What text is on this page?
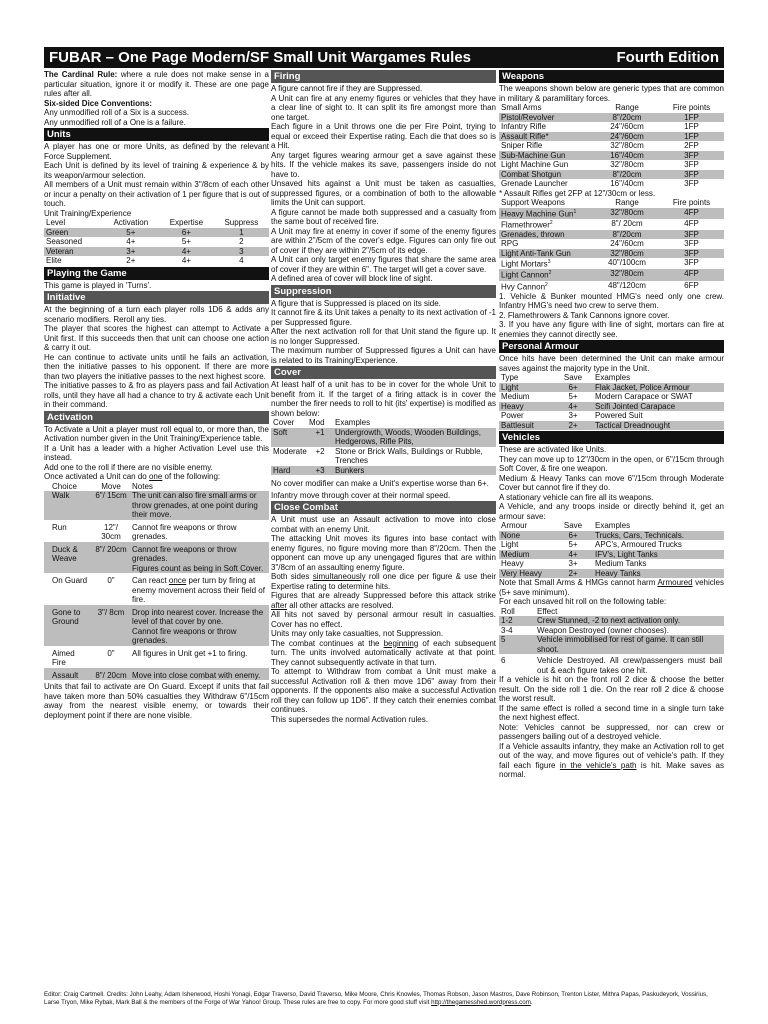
FUBAR – One Page Modern/SF Small Unit Wargames Rules	Fourth Edition

The Cardinal Rule: where a rule does not make sense in a particular situation, ignore it or modify it. These are one page rules after all.

Six-sided Dice Conventions:

Any unmodified roll of a Six is a success.

Any unmodified roll of a One is a failure.

Units

A player has one or more Units, as defined by the relevant Force Supplement.

Each Unit is defined by its level of training & experience & by its weapon/armour selection.

All members of a Unit must remain within 3"/8cm of each other or incur a penalty on their activation of 1 per figure that is out of touch.

Unit Training/Experience

Level	Activation	Expertise	Suppress
Green	5+	6+	1
Seasoned	4+	5+	2
Veteran	3+	4+	3
Elite	2+	4+	4
Playing the Game

This game is played in 'Turns'.

Initiative

At the beginning of a turn each player rolls 1D6 & adds any scenario modifiers. Reroll any ties.

The player that scores the highest can attempt to Activate a Unit first. If this succeeds then that unit can choose one action & carry it out.

He can continue to activate units until he fails an activation, then the initiative passes to his opponent. If there are more than two players the initiative passes to the next highest score.

The initiative passes to & fro as players pass and fail Activation rolls, until they have all had a chance to try & activate each Unit in their command.

Activation

To Activate a Unit a player must roll equal to, or more than, the Activation number given in the Unit Training/Experience table.

If a Unit has a leader with a higher Activation Level use this instead.

Add one to the roll if there are no visible enemy.

Once activated a Unit can do one of the following:

Choice	Move	Notes
Walk	6"/ 15cm	The unit can also fire small arms or throw grenades, at one point during their move.
Run	12"/ 30cm	Cannot fire weapons or throw grenades.
Duck & Weave	8"/ 20cm	Cannot fire weapons or throw grenades.

Figures count as being in Soft Cover.

On Guard	0"	Can react once per turn by firing at enemy movement across their field of fire.
Gone to Ground	3"/ 8cm	Drop into nearest cover. Increase the level of that cover by one.

Cannot fire weapons or throw grenades.

Aimed Fire	0"	All figures in Unit get +1 to firing.
Assault	8"/ 20cm	Move into close combat with enemy.

Units that fail to activate are On Guard. Except if units that fail have taken more than 50% casualties they Withdraw 6"/15cm away from the nearest visible enemy, or towards their deployment point if there are none visible.

Firing

A figure cannot fire if they are Suppressed.

A Unit can fire at any enemy figures or vehicles that they have a clear line of sight to. It can split its fire amongst more than one target.

Each figure in a Unit throws one die per Fire Point, trying to equal or exceed their Expertise rating. Each die that does so is a Hit.

Any target figures wearing armour get a save against these hits. If the vehicle makes its save, passengers inside do not have to.

Unsaved hits against a Unit must be taken as casualties, suppressed figures, or a combination of both to the allowable limits the Unit can support.

A figure cannot be made both suppressed and a casualty from the same bout of received fire.

A Unit may fire at enemy in cover if some of the enemy figures are within 2"/5cm of the cover's edge. Figures can only fire out of cover if they are within 2"/5cm of its edge.

A Unit can only target enemy figures that share the same area of cover if they are within 6". The target will get a cover save.

A defined area of cover will block line of sight.

Suppression

A figure that is Suppressed is placed on its side.

It cannot fire & its Unit takes a penalty to its next activation of -1 per Suppressed figure.

After the next activation roll for that Unit stand the figure up. It is no longer Suppressed.

The maximum number of Suppressed figures a Unit can have is related to its Training/Experience.

Cover

At least half of a unit has to be in cover for the whole Unit to benefit from it. If the target of a firing attack is in cover the number the firer needs to roll to hit (its' expertise) is modified as shown below:

Cover	Mod	Examples
Soft	+1	Undergrowth, Woods, Wooden Buildings, Hedgerows, Rifle Pits,
Moderate	+2	Stone or Brick Walls, Buildings or Rubble, Trenches
Hard	+3	Bunkers

No cover modifier can make a Unit's expertise worse than 6+.

Infantry move through cover at their normal speed.

Close Combat

A Unit must use an Assault activation to move into close combat with an enemy Unit.

The attacking Unit moves its figures into base contact with enemy figures, no figure moving more than 8"/20cm. Then the opponent can move up any unengaged figures that are within 3"/8cm of an assaulting enemy figure.

Both sides simultaneously roll one dice per figure & use their Expertise rating to determine hits.

Figures that are already Suppressed before this attack strike after all other attacks are resolved.

All hits not saved by personal armour result in casualties. Cover has no effect.

Units may only take casualties, not Suppression.

The combat continues at the beginning of each subsequent turn. The units involved automatically activate at that point. They cannot subsequently activate in that turn.

To attempt to Withdraw from combat a Unit must make a successful Activation roll & then move 1D6" away from their opponents. If the opponents also make a successful Activation roll they can follow up 1D6". If they catch their enemies combat continues.

This supersedes the normal Activation rules.

Weapons

The weapons shown below are generic types that are common in military & paramilitary forces.

Small Arms	Range	Fire points
Pistol/Revolver	8"/20cm	1FP
Infantry Rifle	24"/60cm	1FP
Assault Rifle*	24"/60cm	1FP
Sniper Rifle	32"/80cm	2FP
Sub-Machine Gun	16"/40cm	3FP
Light Machine Gun	32"/80cm	3FP
Combat Shotgun	8"/20cm	3FP
Grenade Launcher	16"/40cm	3FP

* Assault Rifles get 2FP at 12"/30cm or less.

Support Weapons	Range	Fire points
Heavy Machine Gun$^1$	32"/80cm	4FP
Flamethrower$^2$	8"/ 20cm	4FP
Grenades, thrown	8"/20cm	3FP
RPG	24"/60cm	3FP
Light Anti-Tank Gun	32"/80cm	3FP
Light Mortars$^3$	40"/100cm	3FP
Light Cannon$^2$	32"/80cm	4FP
Hvy Cannon$^2$	48"/120cm	6FP

1. Vehicle & Bunker mounted HMG's need only one crew. Infantry HMG's need two crew to serve them.

2. Flamethrowers & Tank Cannons ignore cover.

3. If you have any figure with line of sight, mortars can fire at enemies they cannot directly see.

Personal Armour

Once hits have been determined the Unit can make armour saves against the majority type in the Unit.

Type	Save	Examples
Light	6+	Flak Jacket, Police Armour
Medium	5+	Modern Carapace or SWAT
Heavy	4+	Scifi Jointed Carapace
Power	3+	Powered Suit
Battlesuit	2+	Tactical Dreadnought
Vehicles

These are activated like Units.

They can move up to 12"/30cm in the open, or 6"/15cm through Soft Cover, & fire one weapon.

Medium & Heavy Tanks can move 6"/15cm through Moderate Cover but cannot fire if they do.

A stationary vehicle can fire all its weapons.

A Vehicle, and any troops inside or directly behind it, get an armour save:

Armour	Save	Examples
None	6+	Trucks, Cars, Technicals.
Light	5+	APC's, Armoured Trucks
Medium	4+	IFV's, Light Tanks
Heavy	3+	Medium Tanks
Very Heavy	2+	Heavy Tanks

Note that Small Arms & HMGs cannot harm Armoured vehicles (5+ save minimum).

For each unsaved hit roll on the following table:

Roll	Effect
1-2	Crew Stunned, -2 to next activation only.
3-4	Weapon Destroyed (owner chooses).
5	Vehicle immobilised for rest of game. It can still shoot.
6	Vehicle Destroyed. All crew/passengers must bail out & each figure takes one hit.

If a vehicle is hit on the front roll 2 dice & choose the better result. On the side roll 1 die. On the rear roll 2 dice & choose the worst result.

If the same effect is rolled a second time in a single turn take the next highest effect.

Note: Vehicles cannot be suppressed, nor can crew or passengers bailing out of a destroyed vehicle.

If a Vehicle assaults infantry, they make an Activation roll to get out of the way, and move figures out of vehicle's path. If they fail each figure in the vehicle's path is hit. Make saves as normal.

Editor: Craig Cartmell. Credits: John Leahy, Adam Isherwood, Hoshi Yonagi, Edgar Traverso, David Traverso, Mike Moore, Chris Knowles, Thomas Robson, Jason Mastros, Dave Robinson, Trenton Lister, Mithra Papas, Paskudeyork, Vossirius, Larse Tryon, Mike Rybak, Mark Ball & the members of the Forge of War Yahoo! Group. These rules are free to copy. For more good stuff visit http://thegamesshed.wordpress.com.
